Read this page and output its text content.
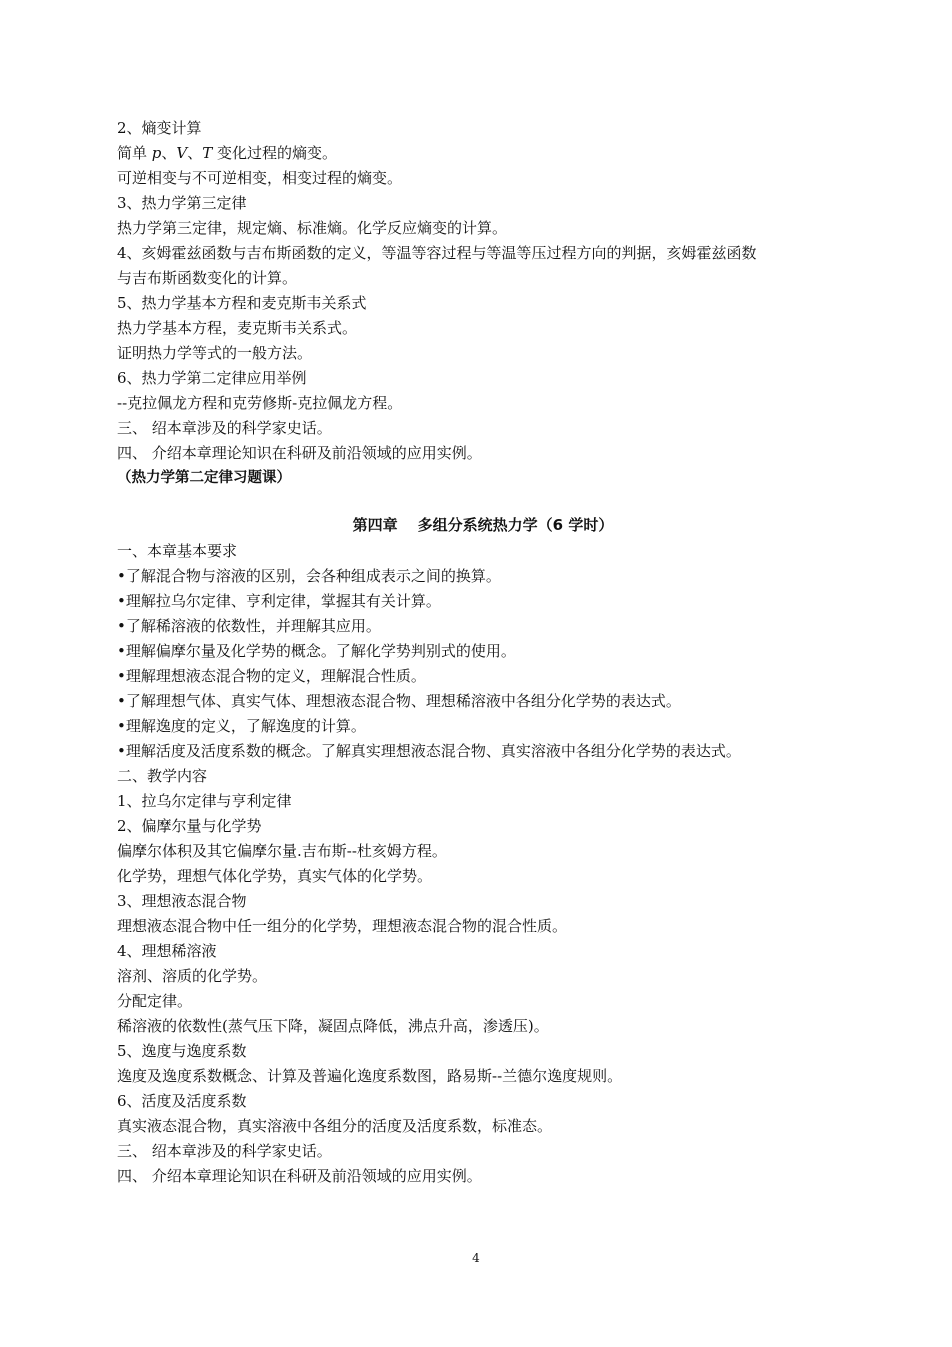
2、熵变计算
简单 p、V、T 变化过程的熵变。
可逆相变与不可逆相变，相变过程的熵变。
3、热力学第三定律
热力学第三定律，规定熵、标准熵。化学反应熵变的计算。
4、亥姆霍兹函数与吉布斯函数的定义，等温等容过程与等温等压过程方向的判据，亥姆霍兹函数
与吉布斯函数变化的计算。
5、热力学基本方程和麦克斯韦关系式
热力学基本方程，麦克斯韦关系式。
证明热力学等式的一般方法。
6、热力学第二定律应用举例
--克拉佩龙方程和克劳修斯-克拉佩龙方程。
三、 绍本章涉及的科学家史话。
四、 介绍本章理论知识在科研及前沿领域的应用实例。
（热力学第二定律习题课）
第四章 多组分系统热力学（6 学时）
一、本章基本要求
•了解混合物与溶液的区别，会各种组成表示之间的换算。
•理解拉乌尔定律、亨利定律，掌握其有关计算。
•了解稀溶液的依数性，并理解其应用。
•理解偏摩尔量及化学势的概念。了解化学势判别式的使用。
•理解理想液态混合物的定义，理解混合性质。
•了解理想气体、真实气体、理想液态混合物、理想稀溶液中各组分化学势的表达式。
•理解逸度的定义，了解逸度的计算。
•理解活度及活度系数的概念。了解真实理想液态混合物、真实溶液中各组分化学势的表达式。
二、教学内容
1、拉乌尔定律与亨利定律
2、偏摩尔量与化学势
偏摩尔体积及其它偏摩尔量.吉布斯--杜亥姆方程。
化学势，理想气体化学势，真实气体的化学势。
3、理想液态混合物
理想液态混合物中任一组分的化学势，理想液态混合物的混合性质。
4、理想稀溶液
溶剂、溶质的化学势。
分配定律。
稀溶液的依数性(蒸气压下降，凝固点降低，沸点升高，渗透压)。
5、逸度与逸度系数
逸度及逸度系数概念、计算及普遍化逸度系数图，路易斯--兰德尔逸度规则。
6、活度及活度系数
真实液态混合物，真实溶液中各组分的活度及活度系数，标准态。
三、 绍本章涉及的科学家史话。
四、 介绍本章理论知识在科研及前沿领域的应用实例。
4
